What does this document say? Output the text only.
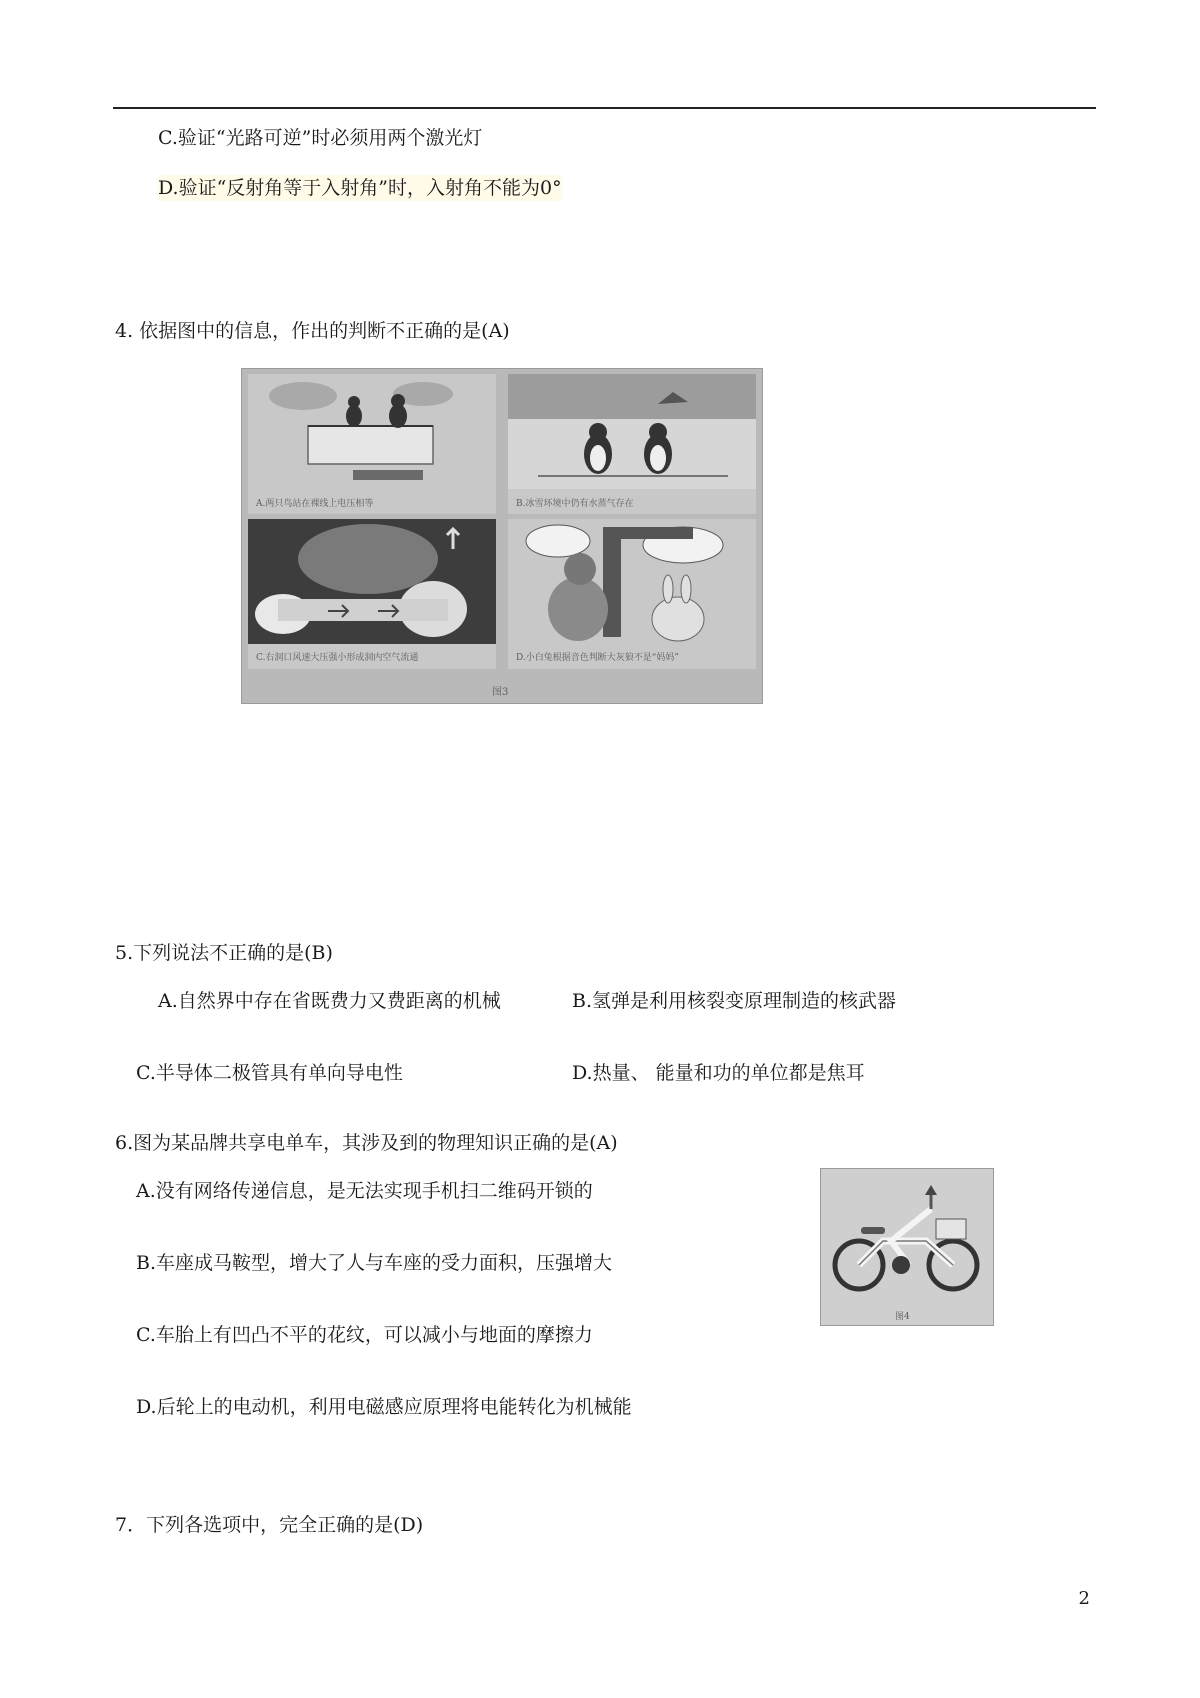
C.验证“光路可逆”时必须用两个激光灯
D.验证“反射角等于入射角”时，入射角不能为0°
4. 依据图中的信息，作出的判断不正确的是(A)
A.两只鸟站在裸线上电压相等	B.冰雪环境中仍有水蒸气存在
C.右洞口风速大压强小形成洞内空气流通	D.小白兔根据音色判断大灰狼不是“妈妈”
图3
5.下列说法不正确的是(B)
A.自然界中存在省既费力又费距离的机械	B.氢弹是利用核裂变原理制造的核武器
C.半导体二极管具有单向导电性	D.热量、 能量和功的单位都是焦耳
6.图为某品牌共享电单车，其涉及到的物理知识正确的是(A)
A.没有网络传递信息，是无法实现手机扫二维码开锁的
B.车座成马鞍型，增大了人与车座的受力面积，压强增大
C.车胎上有凹凸不平的花纹，可以减小与地面的摩擦力
D.后轮上的电动机，利用电磁感应原理将电能转化为机械能
图4
7．下列各选项中，完全正确的是(D)
2
